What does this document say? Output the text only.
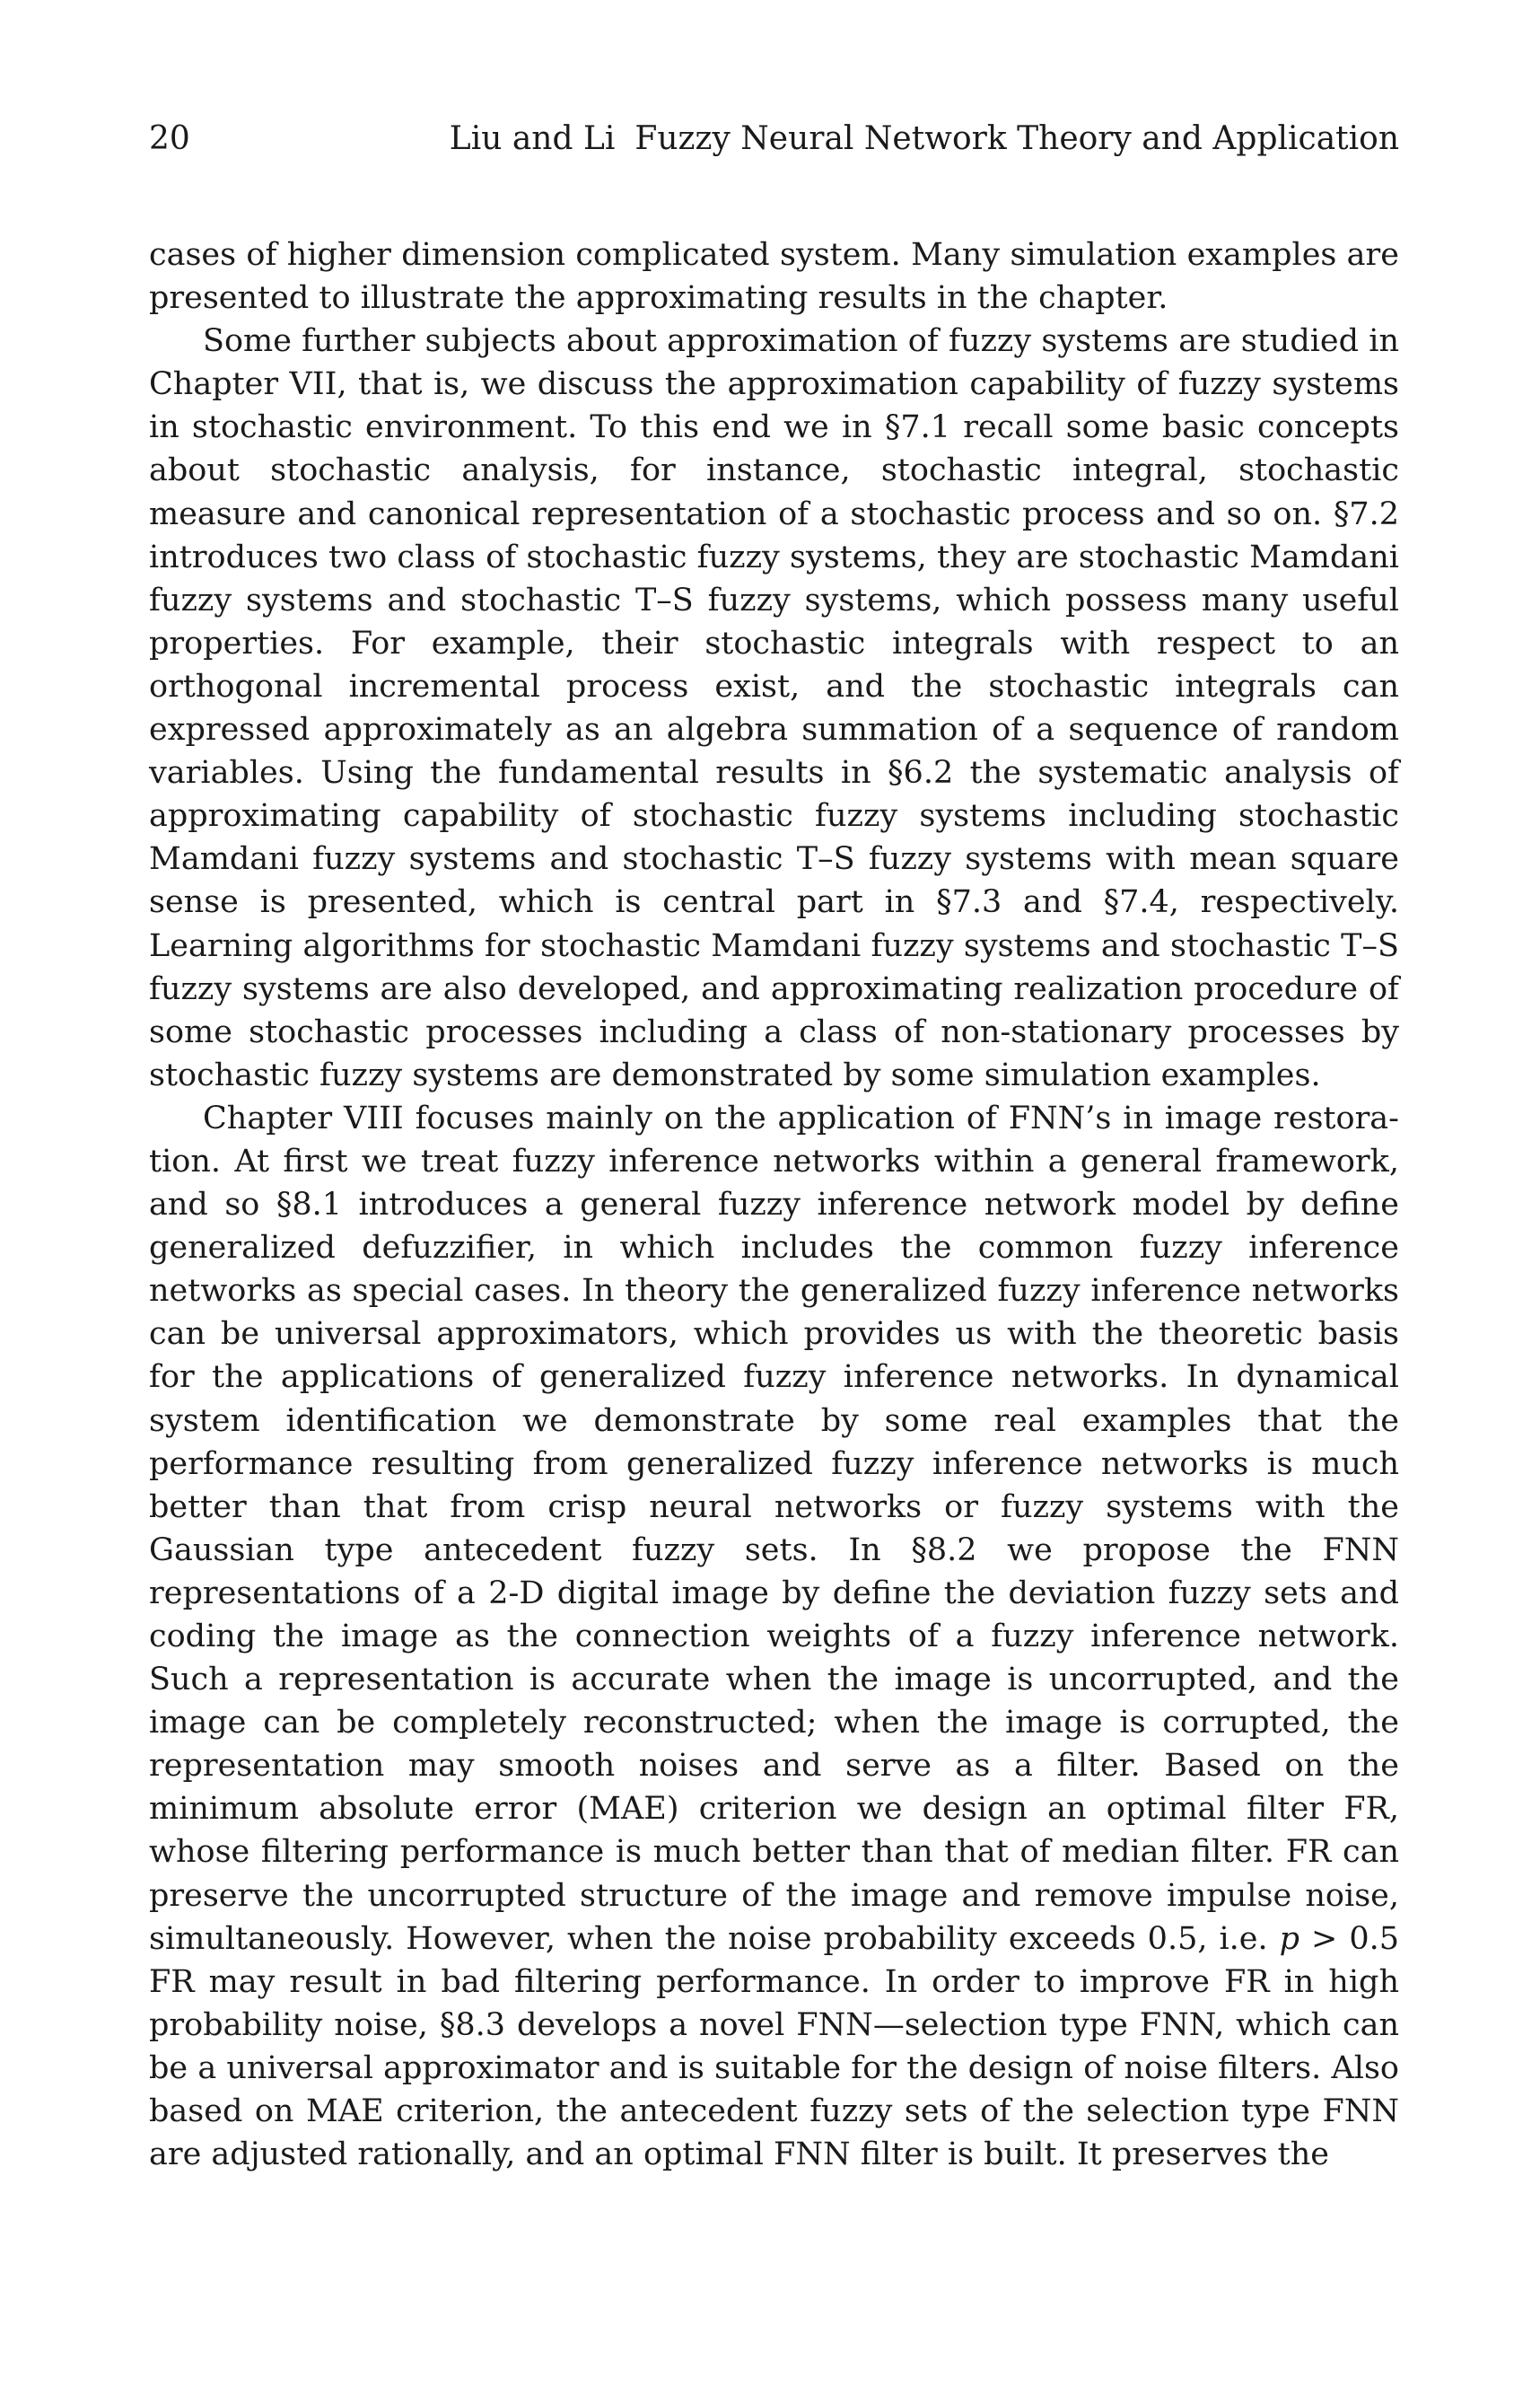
20	Liu and Li Fuzzy Neural Network Theory and Application

cases of higher dimension complicated system. Many simulation examples are presented to illustrate the approximating results in the chapter.

Some further subjects about approximation of fuzzy systems are studied in Chapter VII, that is, we discuss the approximation capability of fuzzy systems in stochastic environment. To this end we in §7.1 recall some basic concepts about stochastic analysis, for instance, stochastic integral, stochastic measure and canonical representation of a stochastic process and so on. §7.2 introduces two class of stochastic fuzzy systems, they are stochastic Mamdani fuzzy systems and stochastic T–S fuzzy systems, which possess many useful properties. For example, their stochastic integrals with respect to an orthogonal incremental process exist, and the stochastic integrals can expressed approximately as an algebra summation of a sequence of random variables. Using the fundamental results in §6.2 the systematic analysis of approximating capability of stochastic fuzzy systems including stochastic Mamdani fuzzy systems and stochastic T–S fuzzy systems with mean square sense is presented, which is central part in §7.3 and §7.4, respectively. Learning algorithms for stochastic Mamdani fuzzy systems and stochastic T–S fuzzy systems are also developed, and approximating realization procedure of some stochastic processes including a class of non-stationary processes by stochastic fuzzy systems are demonstrated by some simulation examples.

Chapter VIII focuses mainly on the application of FNN’s in image restoration. At first we treat fuzzy inference networks within a general framework, and so §8.1 introduces a general fuzzy inference network model by define generalized defuzzifier, in which includes the common fuzzy inference networks as special cases. In theory the generalized fuzzy inference networks can be universal approximators, which provides us with the theoretic basis for the applications of generalized fuzzy inference networks. In dynamical system identification we demonstrate by some real examples that the performance resulting from generalized fuzzy inference networks is much better than that from crisp neural networks or fuzzy systems with the Gaussian type antecedent fuzzy sets. In §8.2 we propose the FNN representations of a 2-D digital image by define the deviation fuzzy sets and coding the image as the connection weights of a fuzzy inference network. Such a representation is accurate when the image is uncorrupted, and the image can be completely reconstructed; when the image is corrupted, the representation may smooth noises and serve as a filter. Based on the minimum absolute error (MAE) criterion we design an optimal filter FR, whose filtering performance is much better than that of median filter. FR can preserve the uncorrupted structure of the image and remove impulse noise, simultaneously. However, when the noise probability exceeds 0.5, i.e. p > 0.5 FR may result in bad filtering performance. In order to improve FR in high probability noise, §8.3 develops a novel FNN—selection type FNN, which can be a universal approximator and is suitable for the design of noise filters. Also based on MAE criterion, the antecedent fuzzy sets of the selection type FNN are adjusted rationally, and an optimal FNN filter is built. It preserves the
